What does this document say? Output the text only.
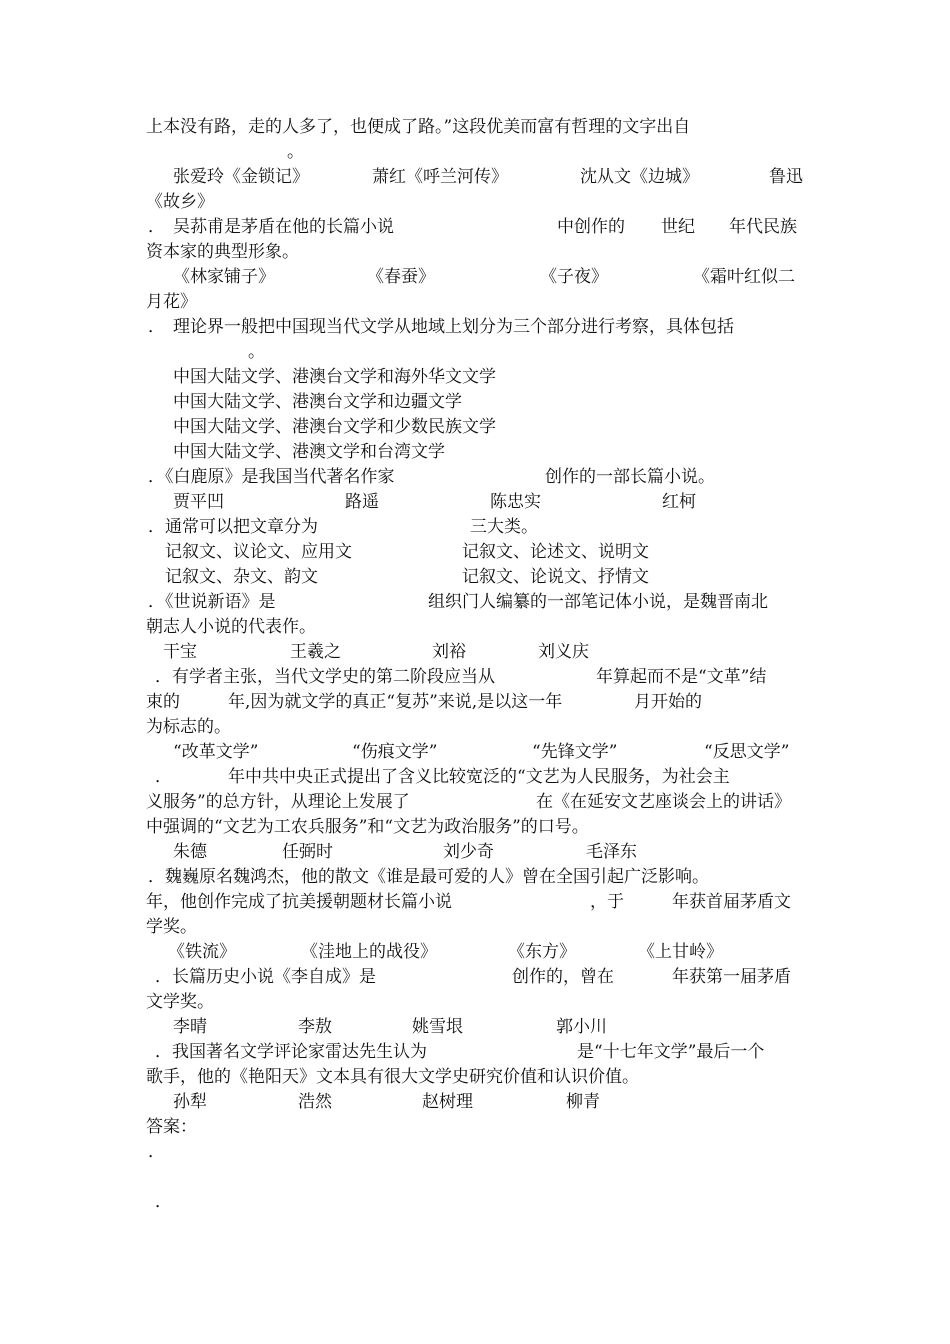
上本没有路，走的人多了，也便成了路。”这段优美而富有哲理的文字出自
。
张爱玲《金锁记》	萧红《呼兰河传》	沈从文《边城》	鲁迅
《故乡》
． 吴荪甫是茅盾在他的长篇小说	中创作的 世纪 年代民族
资本家的典型形象。
《林家铺子》	《春蚕》	《子夜》	《霜叶红似二
月花》
． 理论界一般把中国现当代文学从地域上划分为三个部分进行考察，具体包括
。
中国大陆文学、港澳台文学和海外华文文学
中国大陆文学、港澳台文学和边疆文学
中国大陆文学、港澳台文学和少数民族文学
中国大陆文学、港澳文学和台湾文学
．《白鹿原》是我国当代著名作家	创作的一部长篇小说。
贾平凹	路遥	陈忠实	红柯
．通常可以把文章分为	三大类。
记叙文、议论文、应用文	记叙文、论述文、说明文
记叙文、杂文、韵文	记叙文、论说文、抒情文
．《世说新语》是	组织门人编纂的一部笔记体小说，是魏晋南北
朝志人小说的代表作。
干宝	王羲之	刘裕	刘义庆
．有学者主张，当代文学史的第二阶段应当从	年算起而不是“文革”结
束的	年,因为就文学的真正“复苏”来说,是以这一年	月开始的
为标志的。
“改革文学”	“伤痕文学”	“先锋文学”	“反思文学”
．	年中共中央正式提出了含义比较宽泛的“文艺为人民服务，为社会主
义服务”的总方针，从理论上发展了	在《在延安文艺座谈会上的讲话》
中强调的“文艺为工农兵服务”和“文艺为政治服务”的口号。
朱德	任弼时	刘少奇	毛泽东
．魏巍原名魏鸿杰，他的散文《谁是最可爱的人》曾在全国引起广泛影响。
年，他创作完成了抗美援朝题材长篇小说	，于	年获首届茅盾文
学奖。
《铁流》	《洼地上的战役》	《东方》	《上甘岭》
．长篇历史小说《李自成》是	创作的，曾在	年获第一届茅盾
文学奖。
李晴	李敖	姚雪垠	郭小川
．我国著名文学评论家雷达先生认为	是“十七年文学”最后一个
歌手，他的《艳阳天》文本具有很大文学史研究价值和认识价值。
孙犁	浩然	赵树理	柳青
答案：
．
．
